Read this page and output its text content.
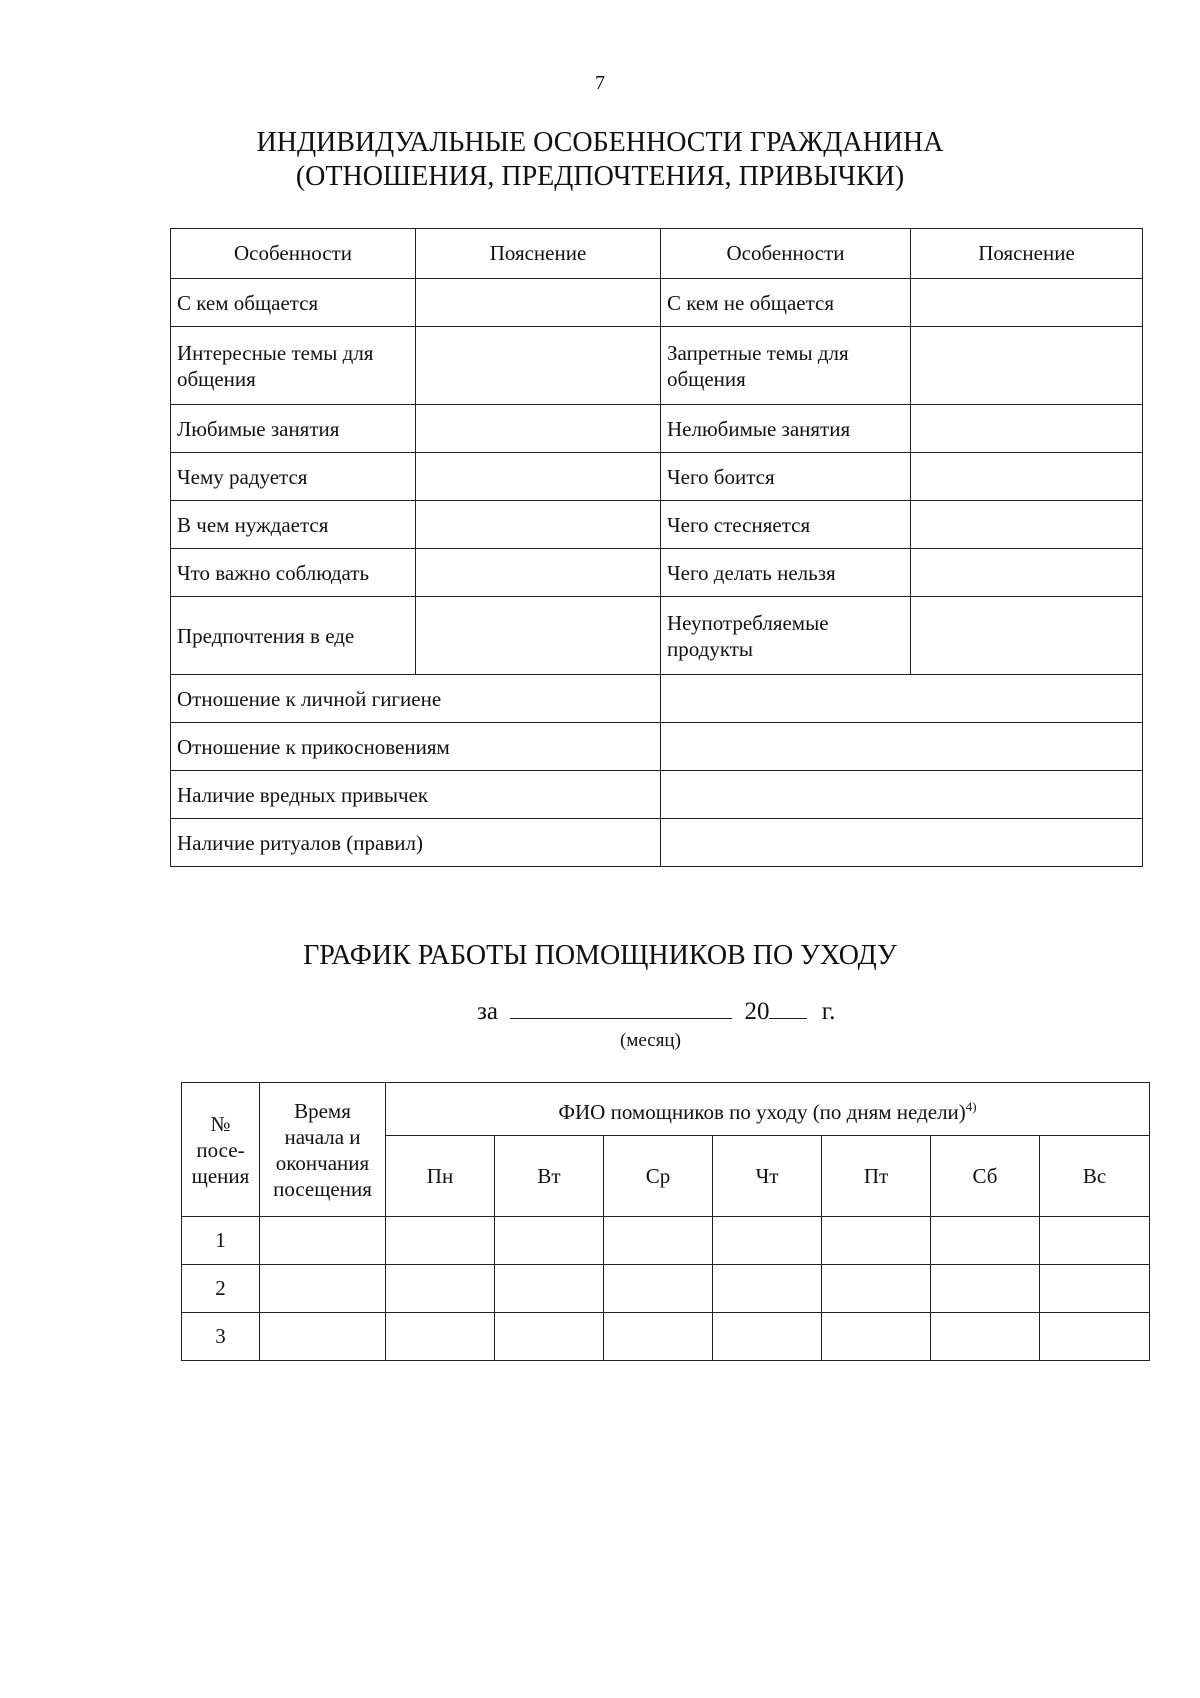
7
ИНДИВИДУАЛЬНЫЕ ОСОБЕННОСТИ ГРАЖДАНИНА
(ОТНОШЕНИЯ, ПРЕДПОЧТЕНИЯ, ПРИВЫЧКИ)
Особенности	Пояснение	Особенности	Пояснение
С кем общается		С кем не общается	
Интересные темы для общения		Запретные темы для общения	
Любимые занятия		Нелюбимые занятия	
Чему радуется		Чего боится	
В чем нуждается		Чего стесняется	
Что важно соблюдать		Чего делать нельзя	
Предпочтения в еде		Неупотребляемые продукты	
Отношение к личной гигиене			
Отношение к прикосновениям			
Наличие вредных привычек			
Наличие ритуалов (правил)			
ГРАФИК РАБОТЫ ПОМОЩНИКОВ ПО УХОДУ
за	20 г.
(месяц)
№ посе-щения	Время начала и окончания посещения	ФИО помощников по уходу (по дням недели)$^{4)}$
		Пн	Вт	Ср	Чт	Пт	Сб	Вс
1								
2								
3								
